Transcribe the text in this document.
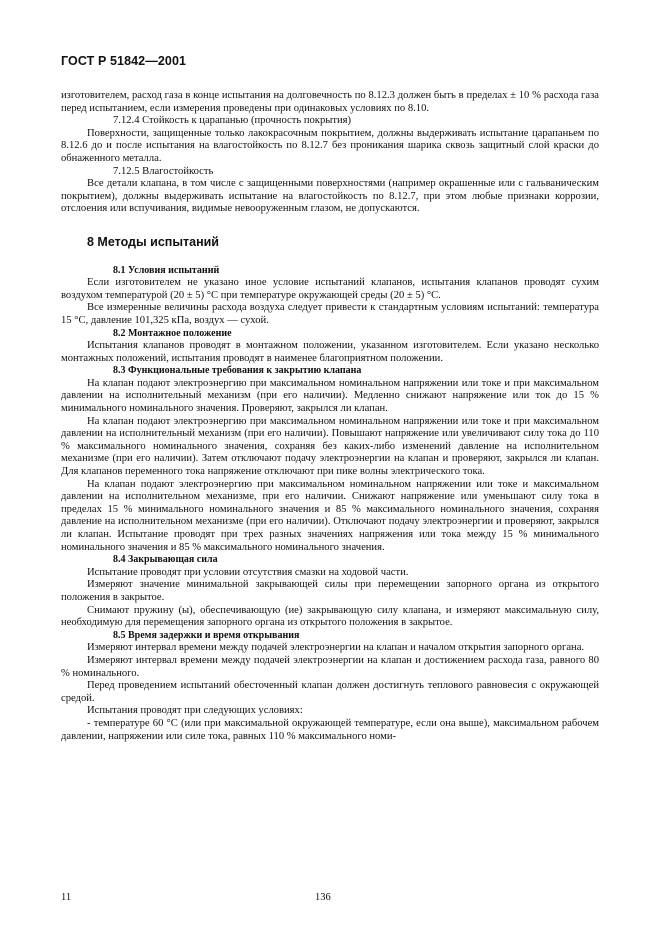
ГОСТ Р 51842—2001

изготовителем, расход газа в конце испытания на долговечность по 8.12.3 должен быть в пределах ± 10 % расхода газа перед испытанием, если измерения проведены при одинаковых условиях по 8.10.

7.12.4 Стойкость к царапанью (прочность покрытия)

Поверхности, защищенные только лакокрасочным покрытием, должны выдерживать испытание царапаньем по 8.12.6 до и после испытания на влагостойкость по 8.12.7 без проникания шарика сквозь защитный слой краски до обнаженного металла.

7.12.5 Влагостойкость

Все детали клапана, в том числе с защищенными поверхностями (например окрашенные или с гальваническим покрытием), должны выдерживать испытание на влагостойкость по 8.12.7, при этом любые признаки коррозии, отслоения или вспучивания, видимые невооруженным глазом, не допускаются.

8 Методы испытаний

8.1 Условия испытаний

Если изготовителем не указано иное условие испытаний клапанов, испытания клапанов проводят сухим воздухом температурой (20 ± 5) °С при температуре окружающей среды (20 ± 5) °С.

Все измеренные величины расхода воздуха следует привести к стандартным условиям испытаний: температура 15 °С, давление 101,325 кПа, воздух — сухой.

8.2 Монтажное положение

Испытания клапанов проводят в монтажном положении, указанном изготовителем. Если указано несколько монтажных положений, испытания проводят в наименее благоприятном положении.

8.3 Функциональные требования к закрытию клапана

На клапан подают электроэнергию при максимальном номинальном напряжении или токе и при максимальном давлении на исполнительный механизм (при его наличии). Медленно снижают напряжение или ток до 15 % минимального номинального значения. Проверяют, закрылся ли клапан.

На клапан подают электроэнергию при максимальном номинальном напряжении или токе и при максимальном давлении на исполнительный механизм (при его наличии). Повышают напряжение или увеличивают силу тока до 110 % максимального номинального значения, сохраняя без каких-либо изменений давление на исполнительном механизме (при его наличии). Затем отключают подачу электроэнергии на клапан и проверяют, закрылся ли клапан. Для клапанов переменного тока напряжение отключают при пике волны электрического тока.

На клапан подают электроэнергию при максимальном номинальном напряжении или токе и максимальном давлении на исполнительном механизме, при его наличии. Снижают напряжение или уменьшают силу тока в пределах 15 % минимального номинального значения и 85 % максимального номинального значения, сохраняя давление на исполнительном механизме (при его наличии). Отключают подачу электроэнергии и проверяют, закрылся ли клапан. Испытание проводят при трех разных значениях напряжения или тока между 15 % минимального номинального значения и 85 % максимального номинального значения.

8.4 Закрывающая сила

Испытание проводят при условии отсутствия смазки на ходовой части.

Измеряют значение минимальной закрывающей силы при перемещении запорного органа из открытого положения в закрытое.

Снимают пружину (ы), обеспечивающую (ие) закрывающую силу клапана, и измеряют максимальную силу, необходимую для перемещения запорного органа из открытого положения в закрытое.

8.5 Время задержки и время открывания

Измеряют интервал времени между подачей электроэнергии на клапан и началом открытия запорного органа.

Измеряют интервал времени между подачей электроэнергии на клапан и достижением расхода газа, равного 80 % номинального.

Перед проведением испытаний обесточенный клапан должен достигнуть теплового равновесия с окружающей средой.

Испытания проводят при следующих условиях:

- температуре 60 °С (или при максимальной окружающей температуре, если она выше), максимальном рабочем давлении, напряжении или силе тока, равных 110 % максимального номи-

11	136
